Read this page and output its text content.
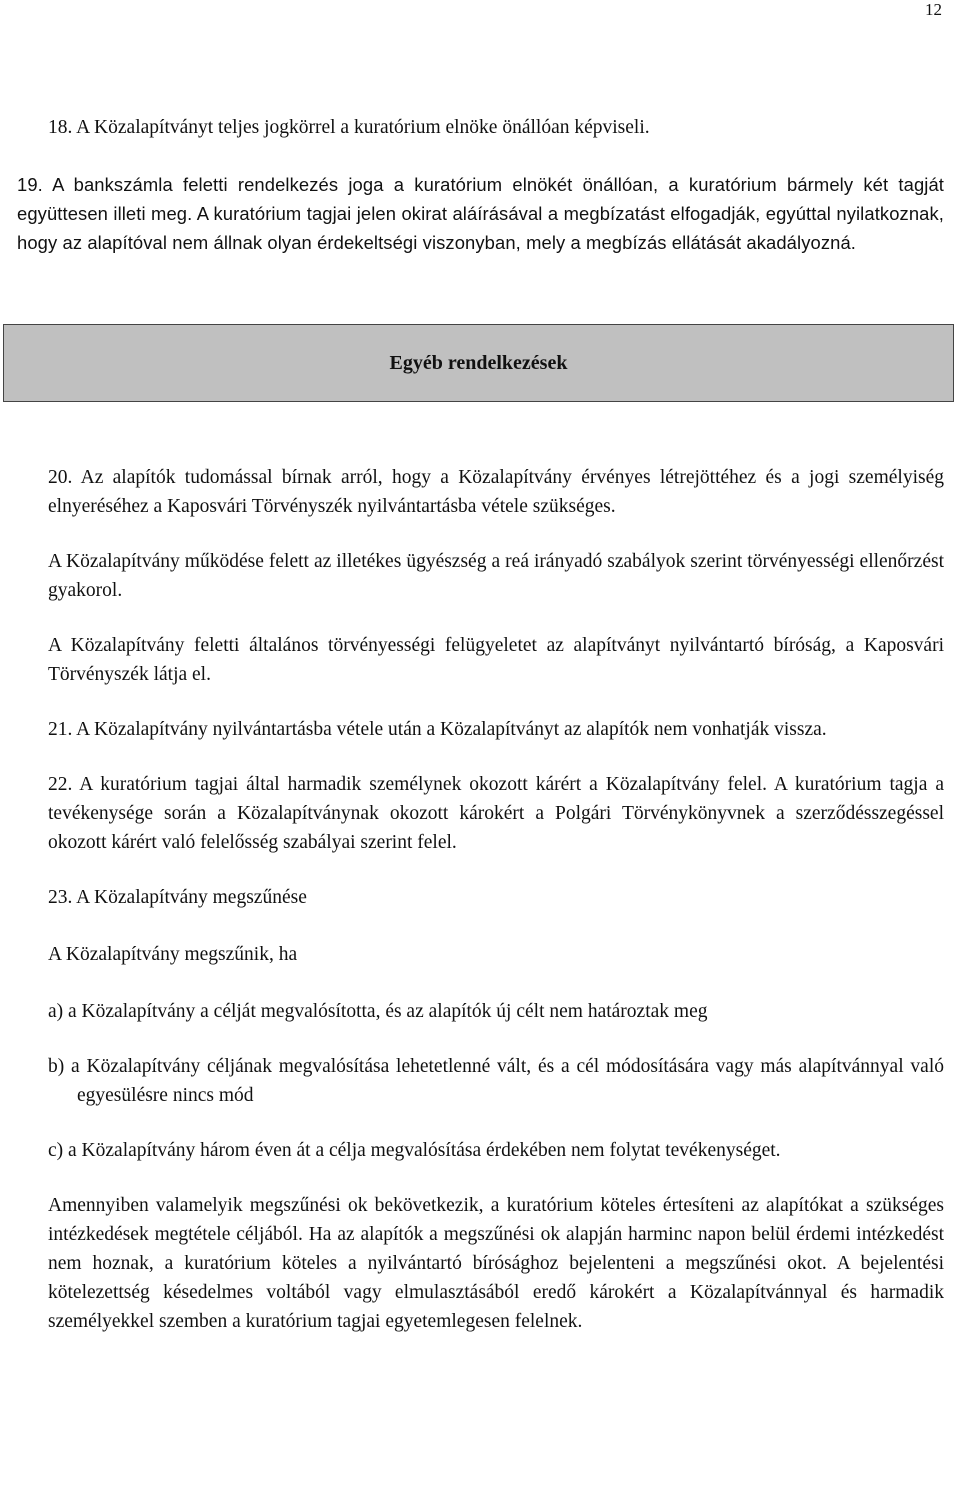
12

18. A Közalapítványt teljes jogkörrel a kuratórium elnöke önállóan képviseli.

19. A bankszámla feletti rendelkezés joga a kuratórium elnökét önállóan, a kuratórium bármely két tagját együttesen illeti meg. A kuratórium tagjai jelen okirat aláírásával a megbízatást elfogadják, egyúttal nyilatkoznak, hogy az alapítóval nem állnak olyan érdekeltségi viszonyban, mely a megbízás ellátását akadályozná.

Egyéb rendelkezések

20. Az alapítók tudomással bírnak arról, hogy a Közalapítvány érvényes létrejöttéhez és a jogi személyiség elnyeréséhez a Kaposvári Törvényszék nyilvántartásba vétele szükséges.

A Közalapítvány működése felett az illetékes ügyészség a reá irányadó szabályok szerint törvényességi ellenőrzést gyakorol.

A Közalapítvány feletti általános törvényességi felügyeletet az alapítványt nyilvántartó bíróság, a Kaposvári Törvényszék látja el.

21. A Közalapítvány nyilvántartásba vétele után a Közalapítványt az alapítók nem vonhatják vissza.

22. A kuratórium tagjai által harmadik személynek okozott kárért a Közalapítvány felel. A kuratórium tagja a tevékenysége során a Közalapítványnak okozott károkért a Polgári Törvénykönyvnek a szerződésszegéssel okozott kárért való felelősség szabályai szerint felel.

23. A Közalapítvány megszűnése

A Közalapítvány megszűnik, ha

a) a Közalapítvány a célját megvalósította, és az alapítók új célt nem határoztak meg

b) a Közalapítvány céljának megvalósítása lehetetlenné vált, és a cél módosítására vagy más alapítvánnyal való egyesülésre nincs mód

c) a Közalapítvány három éven át a célja megvalósítása érdekében nem folytat tevékenységet.

Amennyiben valamelyik megszűnési ok bekövetkezik, a kuratórium köteles értesíteni az alapítókat a szükséges intézkedések megtétele céljából. Ha az alapítók a megszűnési ok alapján harminc napon belül érdemi intézkedést nem hoznak, a kuratórium köteles a nyilvántartó bírósághoz bejelenteni a megszűnési okot. A bejelentési kötelezettség késedelmes voltából vagy elmulasztásából eredő károkért a Közalapítvánnyal és harmadik személyekkel szemben a kuratórium tagjai egyetemlegesen felelnek.
